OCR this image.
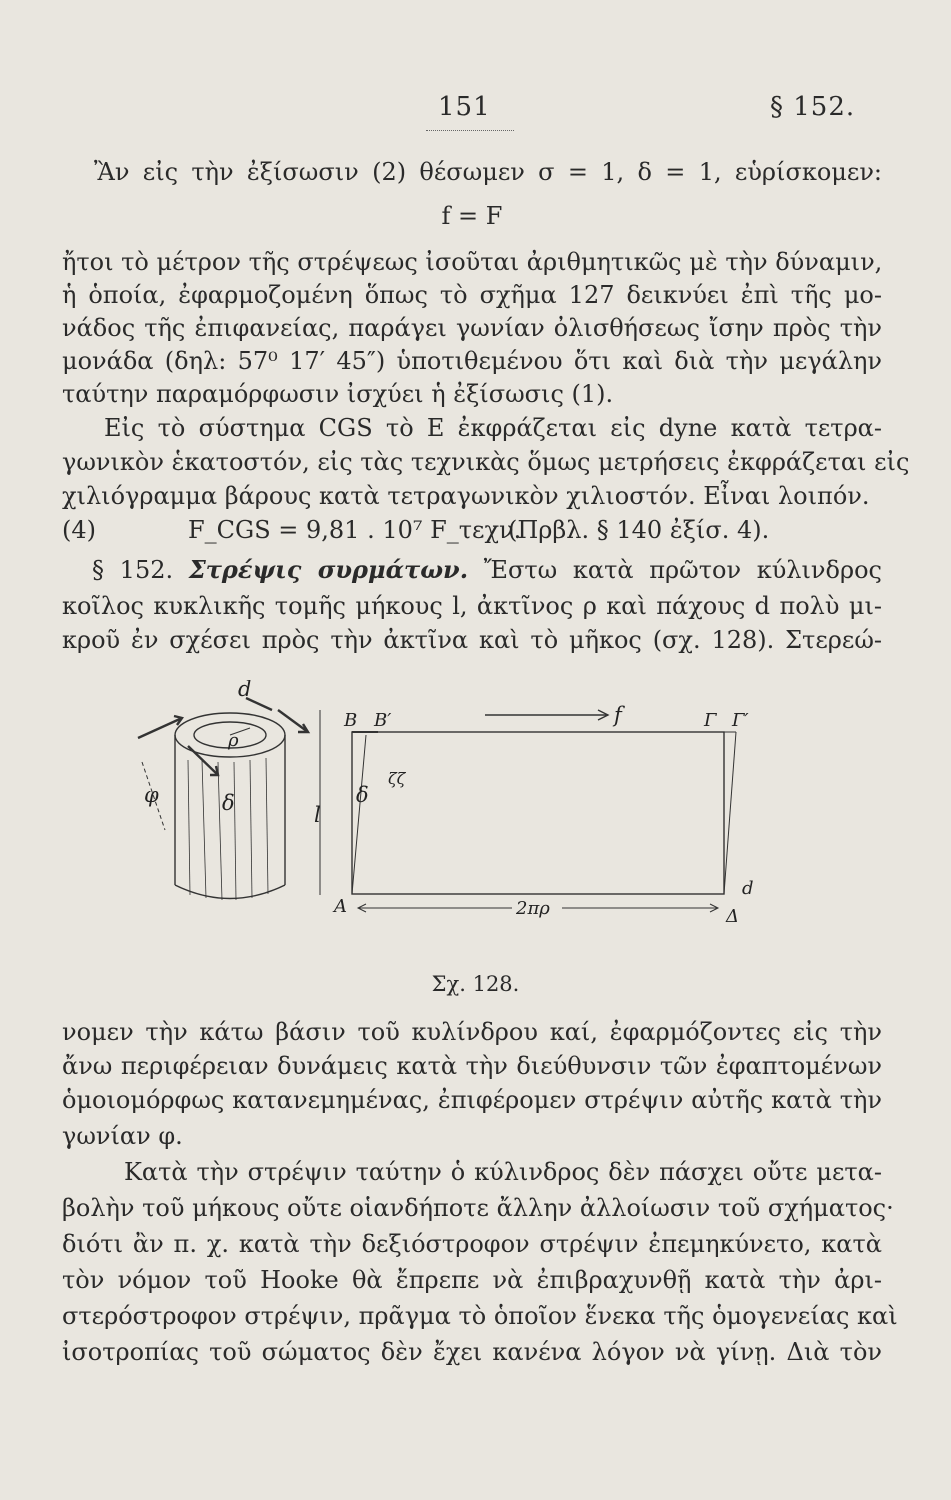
151	§ 152.
Ἂν εἰς τὴν ἐξίσωσιν (2) θέσωμεν σ = 1, δ = 1, εὑρίσκομεν:
f = F
ἤτοι τὸ μέτρον τῆς στρέψεως ἰσοῦται ἀριθμητικῶς μὲ τὴν δύναμιν,
ἡ ὁποία, ἐφαρμοζομένη ὅπως τὸ σχῆμα 127 δεικνύει ἐπὶ τῆς μο-
νάδος τῆς ἐπιφανείας, παράγει γωνίαν ὀλισθήσεως ἴσην πρὸς τὴν
μονάδα (δηλ: 57⁰ 17′ 45″) ὑποτιθεμένου ὅτι καὶ διὰ τὴν μεγάλην
ταύτην παραμόρφωσιν ἰσχύει ἡ ἐξίσωσις (1).
Εἰς τὸ σύστημα CGS τὸ E ἐκφράζεται εἰς dyne κατὰ τετρα-
γωνικὸν ἑκατοστόν, εἰς τὰς τεχνικὰς ὅμως μετρήσεις ἐκφράζεται εἰς
χιλιόγραμμα βάρους κατὰ τετραγωνικὸν χιλιοστόν. Εἶναι λοιπόν.
(4)	F_CGS = 9,81 . 10⁷ F_τεχν.
(Πρβλ. § 140 ἐξίσ. 4).
§ 152. Στρέψις συρμάτων. Ἔστω κατὰ πρῶτον κύλινδρος
κοῖλος κυκλικῆς τομῆς μήκους l, ἀκτῖνος ρ καὶ πάχους d πολὺ μι-
κροῦ ἐν σχέσει πρὸς τὴν ἀκτῖνα καὶ τὸ μῆκος (σχ. 128). Στερεώ-
d
ρ
φ	δ	l
B B′	f	Γ Γ′
ζζ
δ
A	2πρ	Δ
d
Σχ. 128.
νομεν τὴν κάτω βάσιν τοῦ κυλίνδρου καί, ἐφαρμόζοντες εἰς τὴν
ἄνω περιφέρειαν δυνάμεις κατὰ τὴν διεύθυνσιν τῶν ἐφαπτομένων
ὁμοιομόρφως κατανεμημένας, ἐπιφέρομεν στρέψιν αὐτῆς κατὰ τὴν
γωνίαν φ.
Κατὰ τὴν στρέψιν ταύτην ὁ κύλινδρος δὲν πάσχει οὔτε μετα-
βολὴν τοῦ μήκους οὔτε οἱανδήποτε ἄλλην ἀλλοίωσιν τοῦ σχήματος·
διότι ἂν π. χ. κατὰ τὴν δεξιόστροφον στρέψιν ἐπεμηκύνετο, κατὰ
τὸν νόμον τοῦ Hooke θὰ ἔπρεπε νὰ ἐπιβραχυνθῇ κατὰ τὴν ἀρι-
στερόστροφον στρέψιν, πρᾶγμα τὸ ὁποῖον ἕνεκα τῆς ὁμογενείας καὶ
ἰσοτροπίας τοῦ σώματος δὲν ἔχει κανένα λόγον νὰ γίνῃ. Διὰ τὸν
